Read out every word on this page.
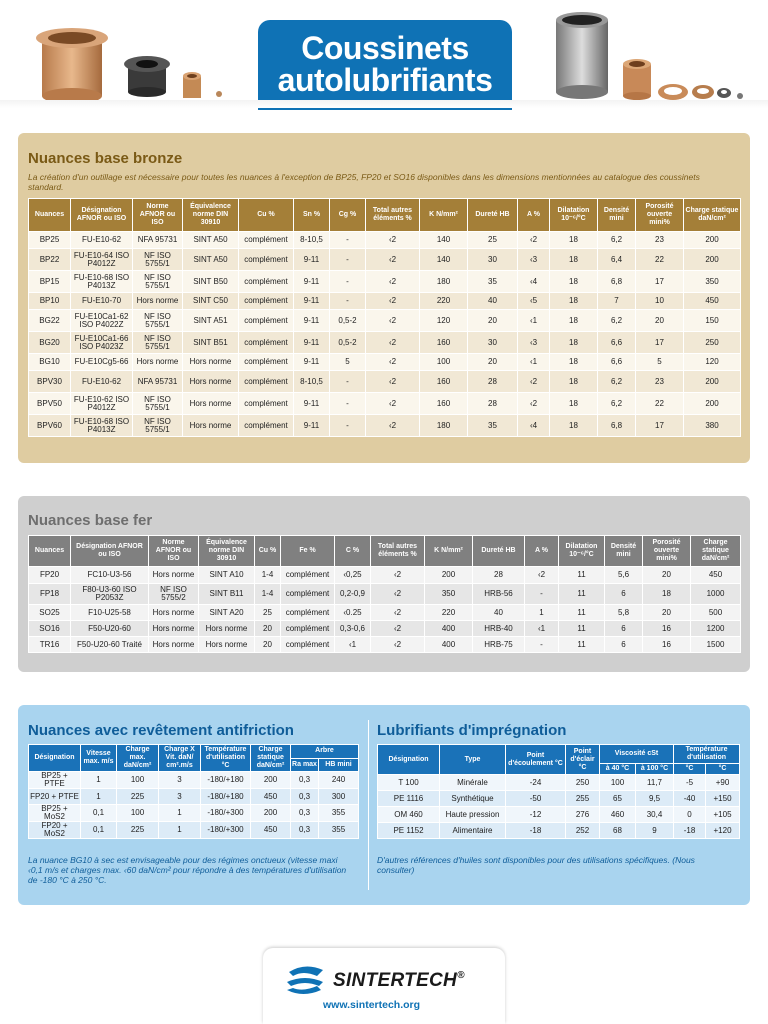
Coussinets
autolubrifiants
Nuances base bronze
La création d'un outillage est nécessaire pour toutes les nuances à l'exception de BP25, FP20 et SO16 disponibles dans les dimensions mentionnées au catalogue des coussinets standard.
Nuances	Désignation AFNOR ou ISO	Norme AFNOR ou ISO	Équivalence norme DIN 30910	Cu %	Sn %	Cg %	Total autres éléments %	K N/mm²	Dureté HB	A %	Dilatation 10⁻⁶/°C	Densité mini	Porosité ouverte mini%	Charge statique daN/cm²
BP25	FU-E10-62	NFA 95731	SINT A50	complément	8-10,5	-	‹2	140	25	‹2	18	6,2	23	200
BP22	FU-E10-64 ISO P4012Z	NF ISO 5755/1	SINT A50	complément	9-11	-	‹2	140	30	‹3	18	6,4	22	200
BP15	FU-E10-68 ISO P4013Z	NF ISO 5755/1	SINT B50	complément	9-11	-	‹2	180	35	‹4	18	6,8	17	350
BP10	FU-E10-70	Hors norme	SINT C50	complément	9-11	-	‹2	220	40	‹5	18	7	10	450
BG22	FU-E10Ca1-62 ISO P4022Z	NF ISO 5755/1	SINT A51	complément	9-11	0,5-2	‹2	120	20	‹1	18	6,2	20	150
BG20	FU-E10Ca1-66 ISO P4023Z	NF ISO 5755/1	SINT B51	complément	9-11	0,5-2	‹2	160	30	‹3	18	6,6	17	250
BG10	FU-E10Cg5-66	Hors norme	Hors norme	complément	9-11	5	‹2	100	20	‹1	18	6,6	5	120
BPV30	FU-E10-62	NFA 95731	Hors norme	complément	8-10,5	-	‹2	160	28	‹2	18	6,2	23	200
BPV50	FU-E10-62 ISO P4012Z	NF ISO 5755/1	Hors norme	complément	9-11	-	‹2	160	28	‹2	18	6,2	22	200
BPV60	FU-E10-68 ISO P4013Z	NF ISO 5755/1	Hors norme	complément	9-11	-	‹2	180	35	‹4	18	6,8	17	380
Nuances base fer
Nuances	Désignation AFNOR ou ISO	Norme AFNOR ou ISO	Équivalence norme DIN 30910	Cu %	Fe %	C %	Total autres éléments %	K N/mm²	Dureté HB	A %	Dilatation 10⁻⁶/°C	Densité mini	Porosité ouverte mini%	Charge statique daN/cm²
FP20	FC10-U3-56	Hors norme	SINT A10	1-4	complément	‹0,25	‹2	200	28	‹2	11	5,6	20	450
FP18	F80-U3-60 ISO P2053Z	NF ISO 5755/2	SINT B11	1-4	complément	0,2-0,9	‹2	350	HRB-56	-	11	6	18	1000
SO25	F10-U25-58	Hors norme	SINT A20	25	complément	‹0.25	‹2	220	40	1	11	5,8	20	500
SO16	F50-U20-60	Hors norme	Hors norme	20	complément	0,3-0,6	‹2	400	HRB-40	‹1	11	6	16	1200
TR16	F50-U20-60 Traité	Hors norme	Hors norme	20	complément	‹1	‹2	400	HRB-75	-	11	6	16	1500
Nuances avec revêtement antifriction
Désignation	Vitesse max. m/s	Charge max. daN/cm²	Charge X Vit. daN/ cm².m/s	Température d'utilisation °C	Charge statique daN/cm²	Arbre	
						Ra max	HB mini
BP25 + PTFE	1	100	3	-180/+180	200	0,3	240
FP20 + PTFE	1	225	3	-180/+180	450	0,3	300
BP25 + MoS2	0,1	100	1	-180/+300	200	0,3	355
FP20 + MoS2	0,1	225	1	-180/+300	450	0,3	355
La nuance BG10 à sec est envisageable pour des régimes onctueux (vitesse maxi ‹0,1 m/s et charges max. ‹60 daN/cm² pour répondre à des températures d'utilisation de -180 °C à 250 °C.
Lubrifiants d'imprégnation
Désignation	Type	Point d'écoulement °C	Point d'éclair °C	Viscosité cSt		Température d'utilisation	
				à 40 °C	à 100 °C	°C	°C
T 100	Minérale	-24	250	100	11,7	-5	+90
PE 1116	Synthétique	-50	255	65	9,5	-40	+150
OM 460	Haute pression	-12	276	460	30,4	0	+105
PE 1152	Alimentaire	-18	252	68	9	-18	+120
D'autres références d'huiles sont disponibles pour des utilisations spécifiques. (Nous consulter)
SINTERTECH®
www.sintertech.org
